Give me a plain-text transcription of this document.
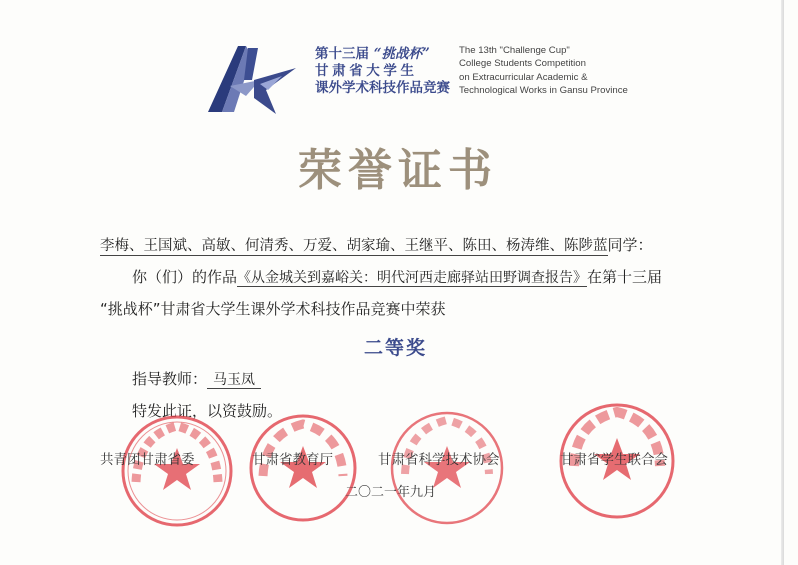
第十三届 “挑战杯”
甘肃省大学生
课外学术科技作品竞赛
The 13th "Challenge Cup"
College Students Competition
on Extracurricular Academic &
Technological Works in Gansu Province
荣誉证书
李梅、王国斌、高敏、何清秀、万爱、胡家瑜、王继平、陈田、杨涛维、陈陟蓝同学：
你（们）的作品《从金城关到嘉峪关：明代河西走廊驿站田野调查报告》在第十三届
“挑战杯”甘肃省大学生课外学术科技作品竞赛中荣获
二等奖
指导教师： 马玉凤
特发此证，以资鼓励。
共青团甘肃省委	甘肃省教育厅	甘肃省科学技术协会	甘肃省学生联合会
二〇二一年九月
